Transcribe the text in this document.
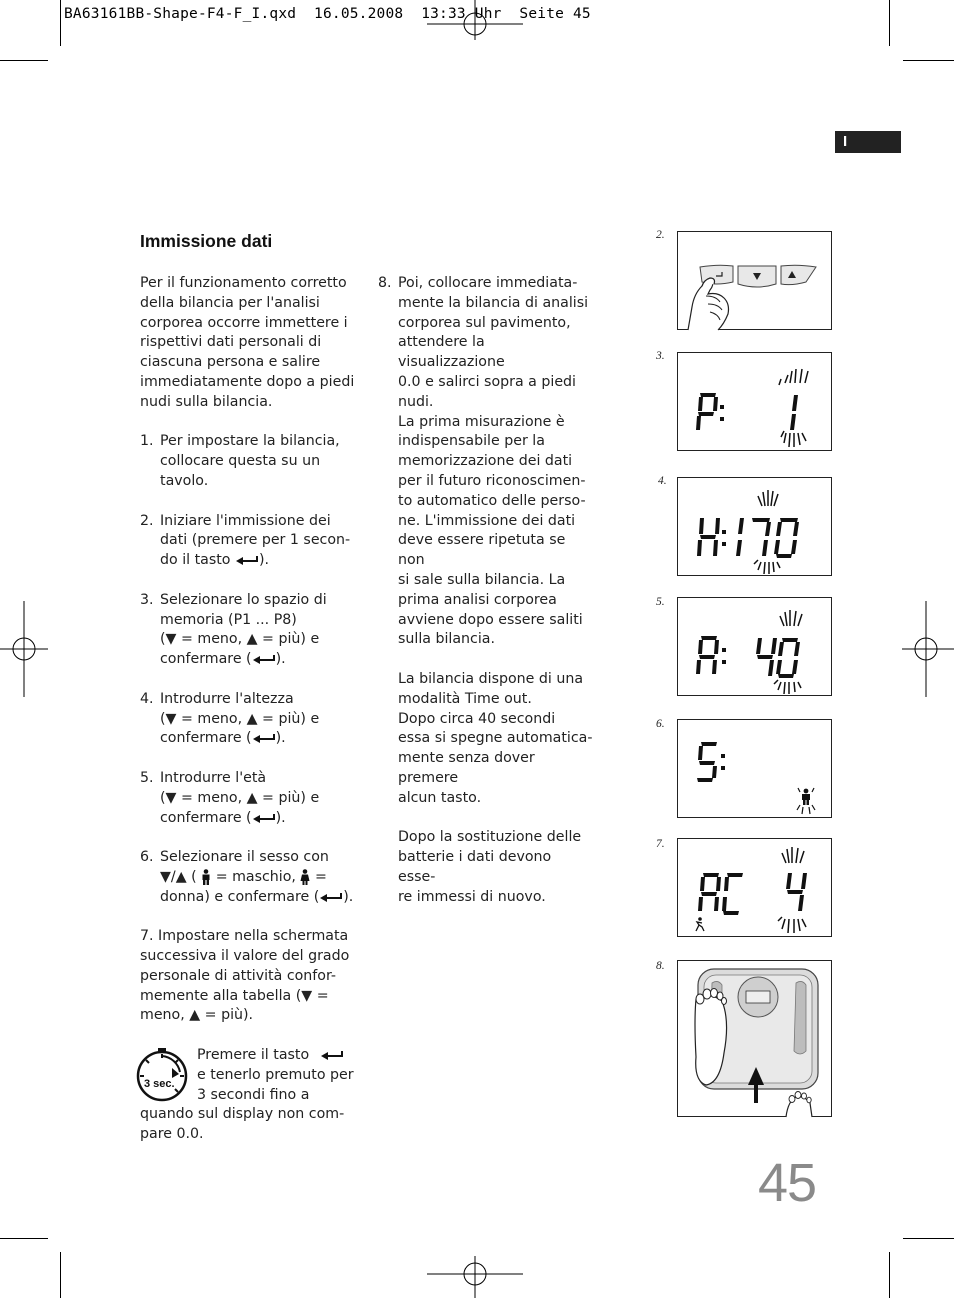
BA63161BB-Shape-F4-F_I.qxd  16.05.2008  13:33 Uhr  Seite 45
I
Immissione dati
Per il funzionamento corretto
della bilancia per l'analisi
corporea occorre immettere i
rispettivi dati personali di
ciascuna persona e salire
immediatamente dopo a piedi
nudi sulla bilancia.
1. Per impostare la bilancia,
collocare questa su un
tavolo.
2. Iniziare l'immissione dei
dati (premere per 1 secon-
do il tasto ).
3. Selezionare lo spazio di
memoria (P1 ... P8)
(▼ = meno, ▲ = più) e
confermare ( ).
4. Introdurre l'altezza
(▼ = meno, ▲ = più) e
confermare ( ).
5. Introdurre l'età
(▼ = meno, ▲ = più) e
confermare ( ).
6. Selezionare il sesso con
▼/▲ (  = maschio,  =
donna) e confermare ( ).
7. Impostare nella schermata
successiva il valore del grado
personale di attività confor-
memente alla tabella (▼ =
meno, ▲ = più).
3 sec.
Premere il tasto
e tenerlo premuto per
3 secondi fino a
quando sul display non com-
pare 0.0.
8. Poi, collocare immediata-
mente la bilancia di analisi
corporea sul pavimento,
attendere la visualizzazione
0.0 e salirci sopra a piedi
nudi.
La prima misurazione è
indispensabile per la
memorizzazione dei dati
per il futuro riconoscimen-
to automatico delle perso-
ne. L'immissione dei dati
deve essere ripetuta se non
si sale sulla bilancia. La
prima analisi corporea
avviene dopo essere saliti
sulla bilancia.
La bilancia dispone di una
modalità Time out.
Dopo circa 40 secondi
essa si spegne automatica-
mente senza dover premere
alcun tasto.
Dopo la sostituzione delle
batterie i dati devono esse-
re immessi di nuovo.
2.
3.
4.
5.
6.
7.
8.
45
